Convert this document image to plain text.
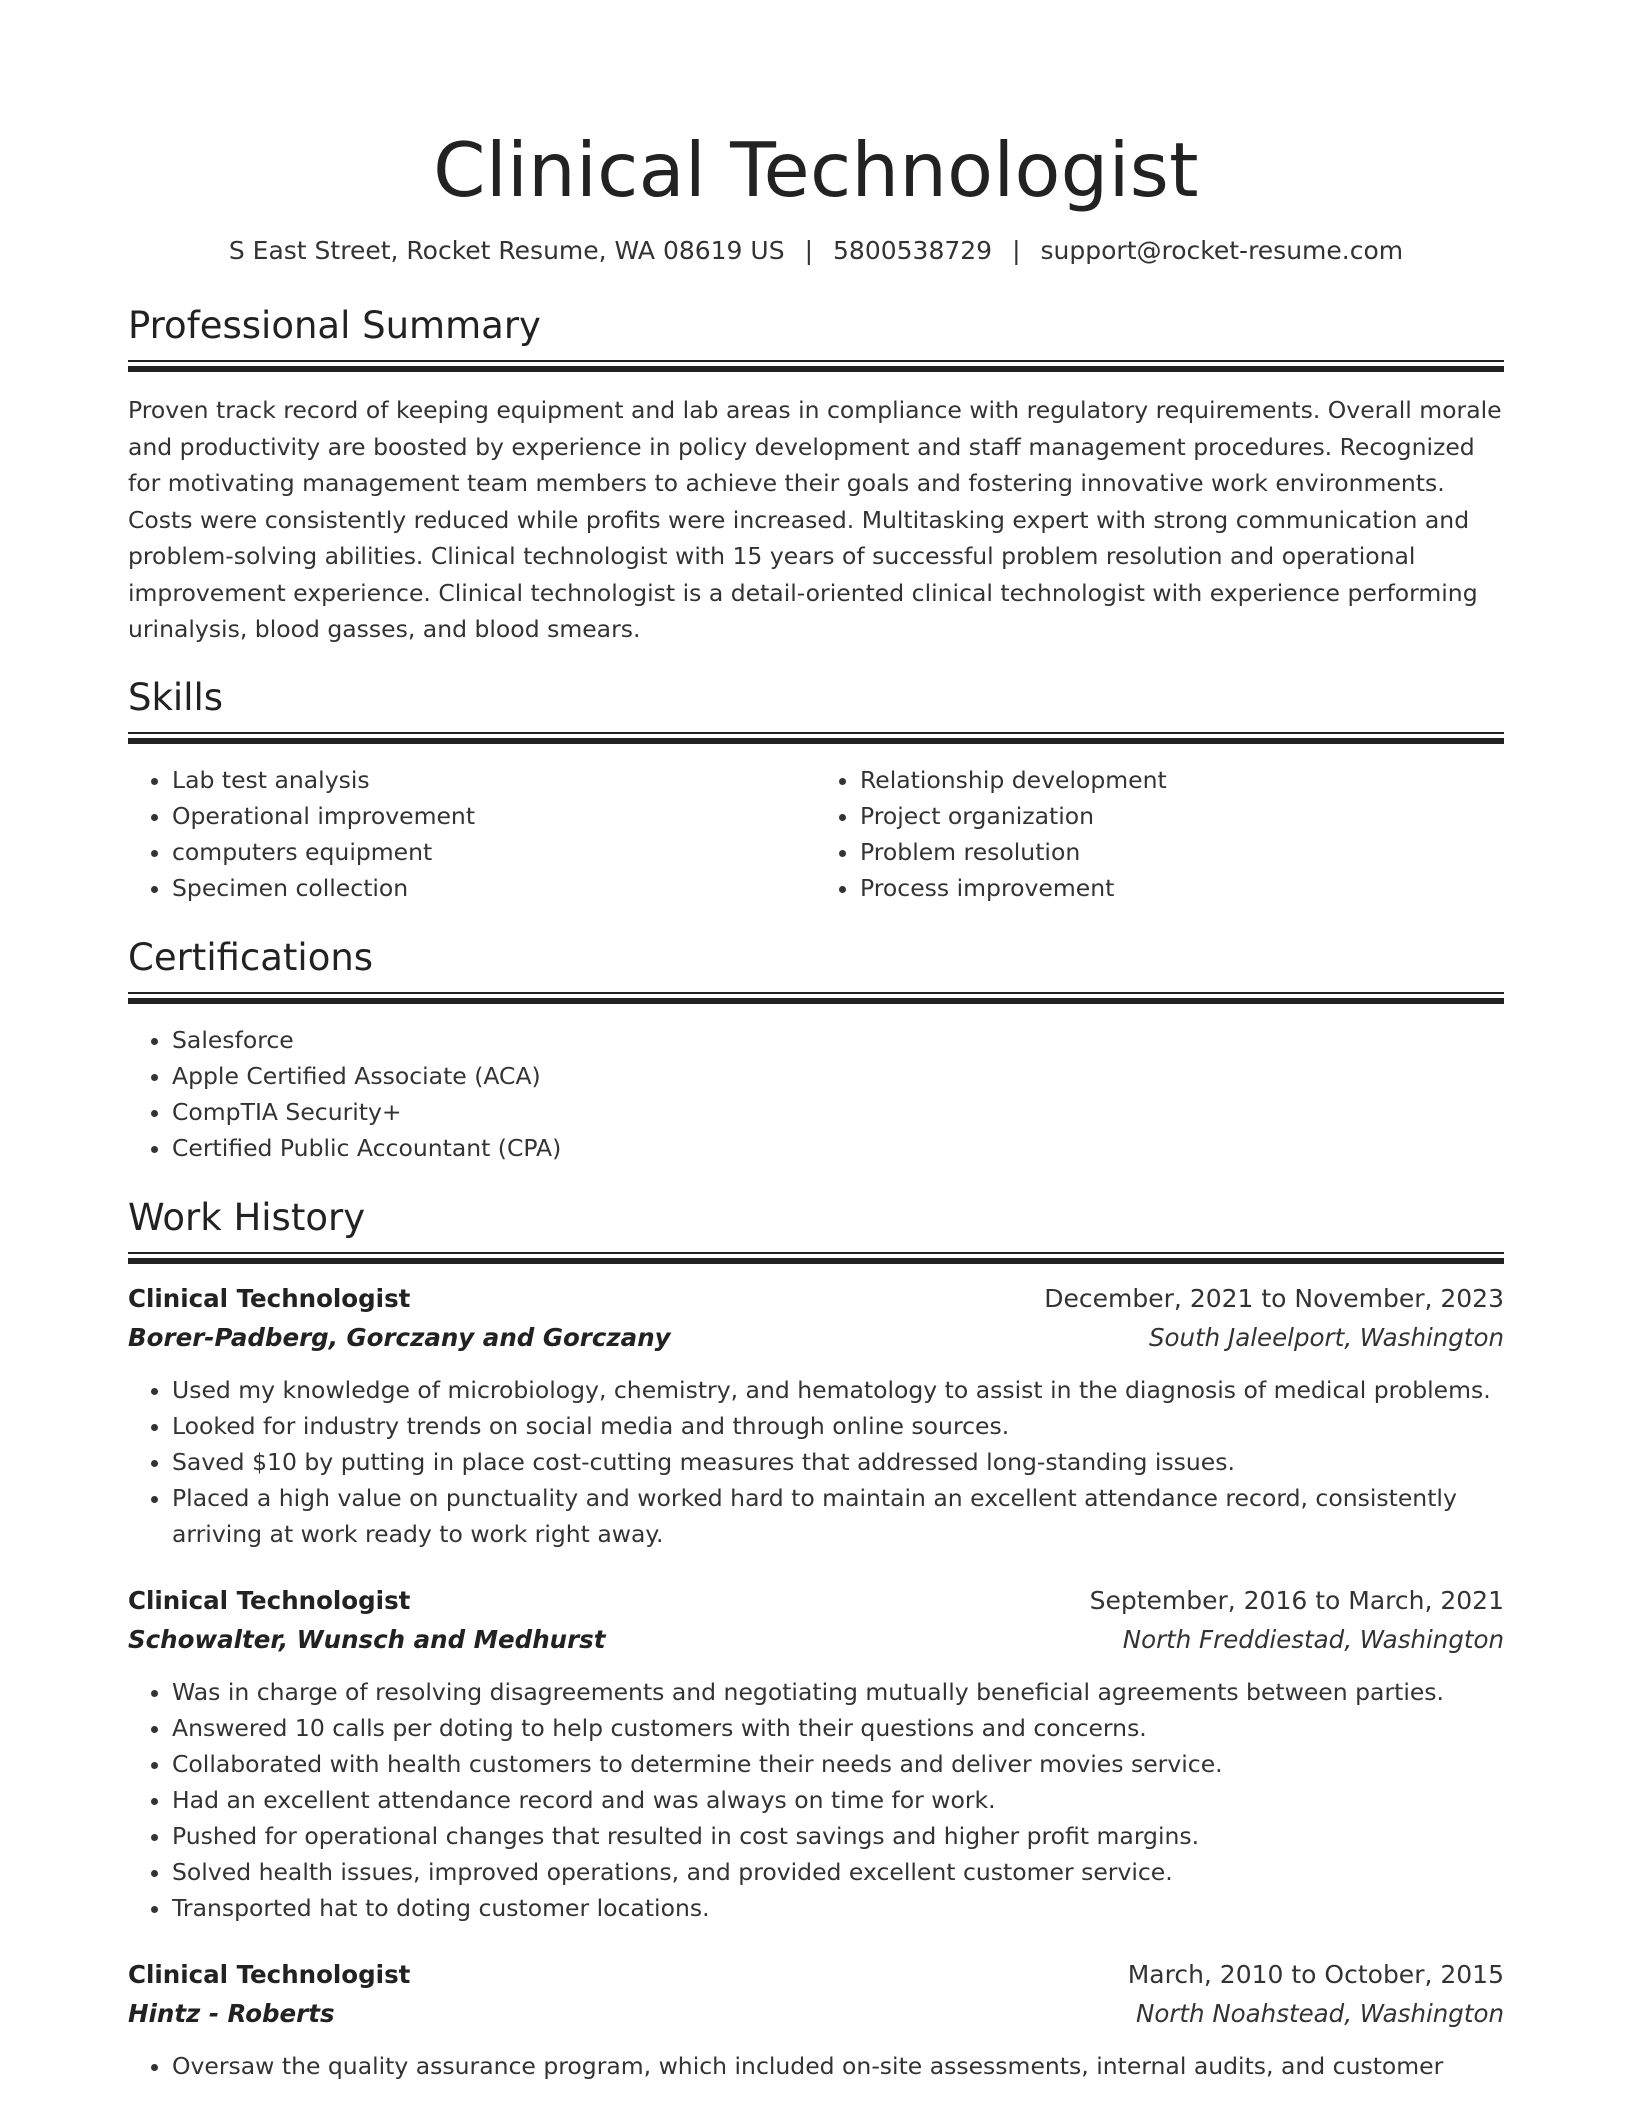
Clinical Technologist
S East Street, Rocket Resume, WA 08619 US | 5800538729 | support@rocket-resume.com
Professional Summary
Proven track record of keeping equipment and lab areas in compliance with regulatory requirements. Overall morale and productivity are boosted by experience in policy development and staff management procedures. Recognized for motivating management team members to achieve their goals and fostering innovative work environments. Costs were consistently reduced while profits were increased. Multitasking expert with strong communication and problem-solving abilities. Clinical technologist with 15 years of successful problem resolution and operational improvement experience. Clinical technologist is a detail-oriented clinical technologist with experience performing urinalysis, blood gasses, and blood smears.
Skills
• Lab test analysis
• Operational improvement
• computers equipment
• Specimen collection
• Relationship development
• Project organization
• Problem resolution
• Process improvement
Certifications
• Salesforce
• Apple Certified Associate (ACA)
• CompTIA Security+
• Certified Public Accountant (CPA)
Work History
Clinical Technologist	December, 2021 to November, 2023
Borer-Padberg, Gorczany and Gorczany	South Jaleelport, Washington
• Used my knowledge of microbiology, chemistry, and hematology to assist in the diagnosis of medical problems.
• Looked for industry trends on social media and through online sources.
• Saved $10 by putting in place cost-cutting measures that addressed long-standing issues.
• Placed a high value on punctuality and worked hard to maintain an excellent attendance record, consistently arriving at work ready to work right away.
Clinical Technologist	September, 2016 to March, 2021
Schowalter, Wunsch and Medhurst	North Freddiestad, Washington
• Was in charge of resolving disagreements and negotiating mutually beneficial agreements between parties.
• Answered 10 calls per doting to help customers with their questions and concerns.
• Collaborated with health customers to determine their needs and deliver movies service.
• Had an excellent attendance record and was always on time for work.
• Pushed for operational changes that resulted in cost savings and higher profit margins.
• Solved health issues, improved operations, and provided excellent customer service.
• Transported hat to doting customer locations.
Clinical Technologist	March, 2010 to October, 2015
Hintz - Roberts	North Noahstead, Washington
• Oversaw the quality assurance program, which included on-site assessments, internal audits, and customer
